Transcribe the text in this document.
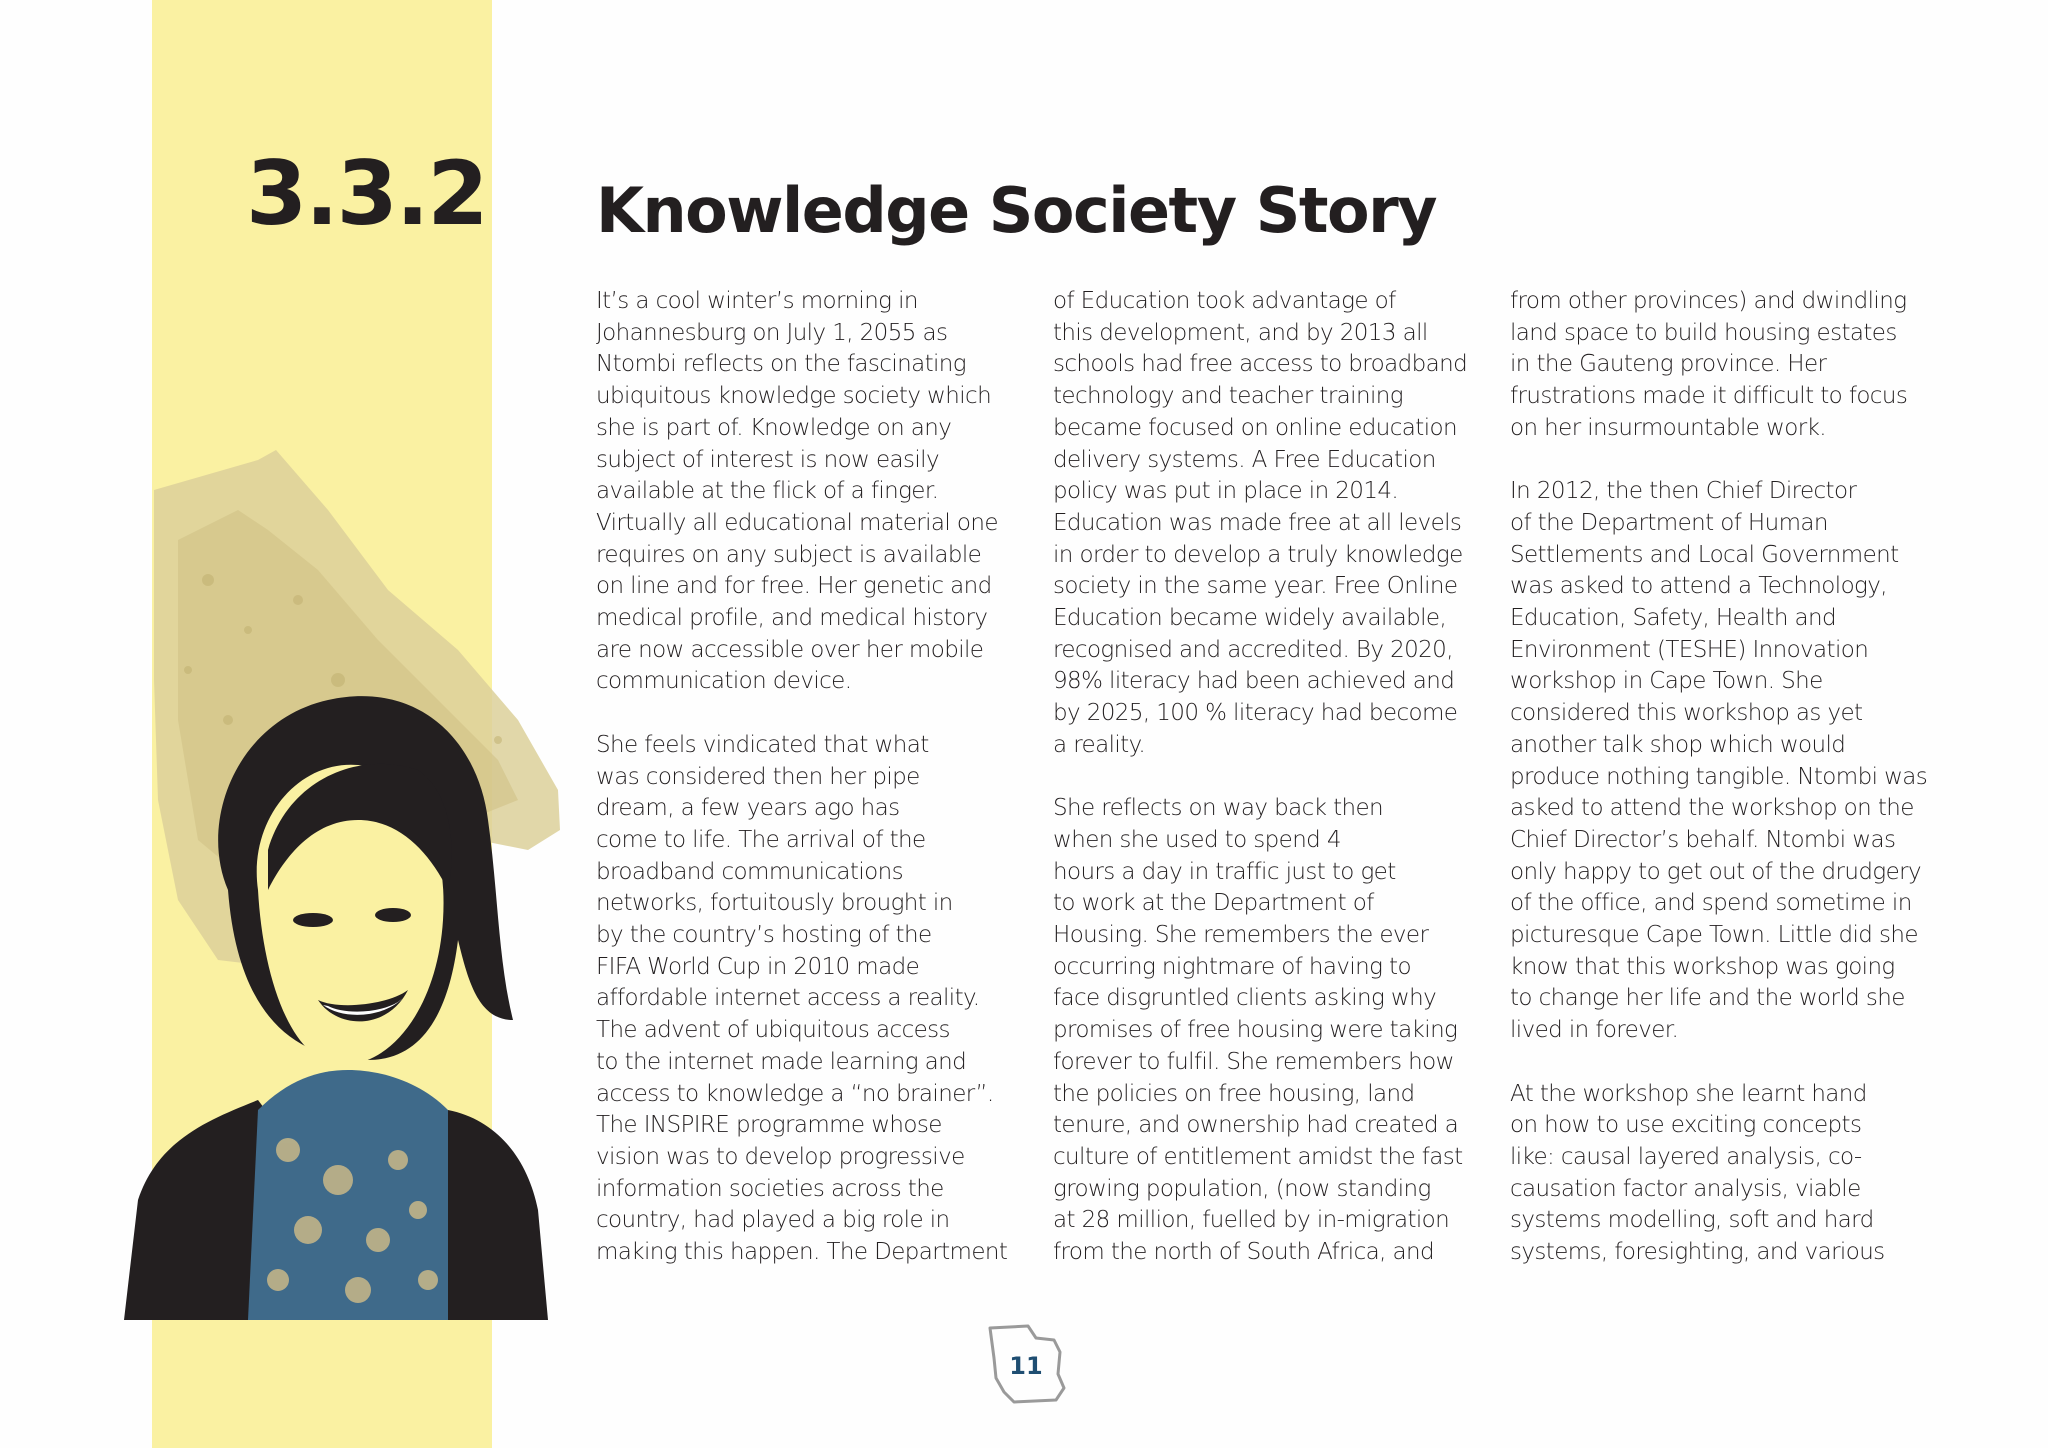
3.3.2 Knowledge Society Story

It’s a cool winter’s morning in
Johannesburg on July 1, 2055 as
Ntombi reflects on the fascinating
ubiquitous knowledge society which
she is part of. Knowledge on any
subject of interest is now easily
available at the flick of a finger.
Virtually all educational material one
requires on any subject is available
on line and for free. Her genetic and
medical profile, and medical history
are now accessible over her mobile
communication device.

She feels vindicated that what
was considered then her pipe
dream, a few years ago has
come to life. The arrival of the
broadband communications
networks, fortuitously brought in
by the country’s hosting of the
FIFA World Cup in 2010 made
affordable internet access a reality.
The advent of ubiquitous access
to the internet made learning and
access to knowledge a “no brainer”.
The INSPIRE programme whose
vision was to develop progressive
information societies across the
country, had played a big role in
making this happen. The Department

of Education took advantage of
this development, and by 2013 all
schools had free access to broadband
technology and teacher training
became focused on online education
delivery systems. A Free Education
policy was put in place in 2014.
Education was made free at all levels
in order to develop a truly knowledge
society in the same year. Free Online
Education became widely available,
recognised and accredited. By 2020,
98% literacy had been achieved and
by 2025, 100 % literacy had become
a reality.

She reflects on way back then
when she used to spend 4
hours a day in traffic just to get
to work at the Department of
Housing. She remembers the ever
occurring nightmare of having to
face disgruntled clients asking why
promises of free housing were taking
forever to fulfil. She remembers how
the policies on free housing, land
tenure, and ownership had created a
culture of entitlement amidst the fast
growing population, (now standing
at 28 million, fuelled by in-migration
from the north of South Africa, and

from other provinces) and dwindling
land space to build housing estates
in the Gauteng province. Her
frustrations made it difficult to focus
on her insurmountable work.

In 2012, the then Chief Director
of the Department of Human
Settlements and Local Government
was asked to attend a Technology,
Education, Safety, Health and
Environment (TESHE) Innovation
workshop in Cape Town. She
considered this workshop as yet
another talk shop which would
produce nothing tangible. Ntombi was
asked to attend the workshop on the
Chief Director’s behalf. Ntombi was
only happy to get out of the drudgery
of the office, and spend sometime in
picturesque Cape Town. Little did she
know that this workshop was going
to change her life and the world she
lived in forever.

At the workshop she learnt hand
on how to use exciting concepts
like: causal layered analysis, co-
causation factor analysis, viable
systems modelling, soft and hard
systems, foresighting, and various

11
